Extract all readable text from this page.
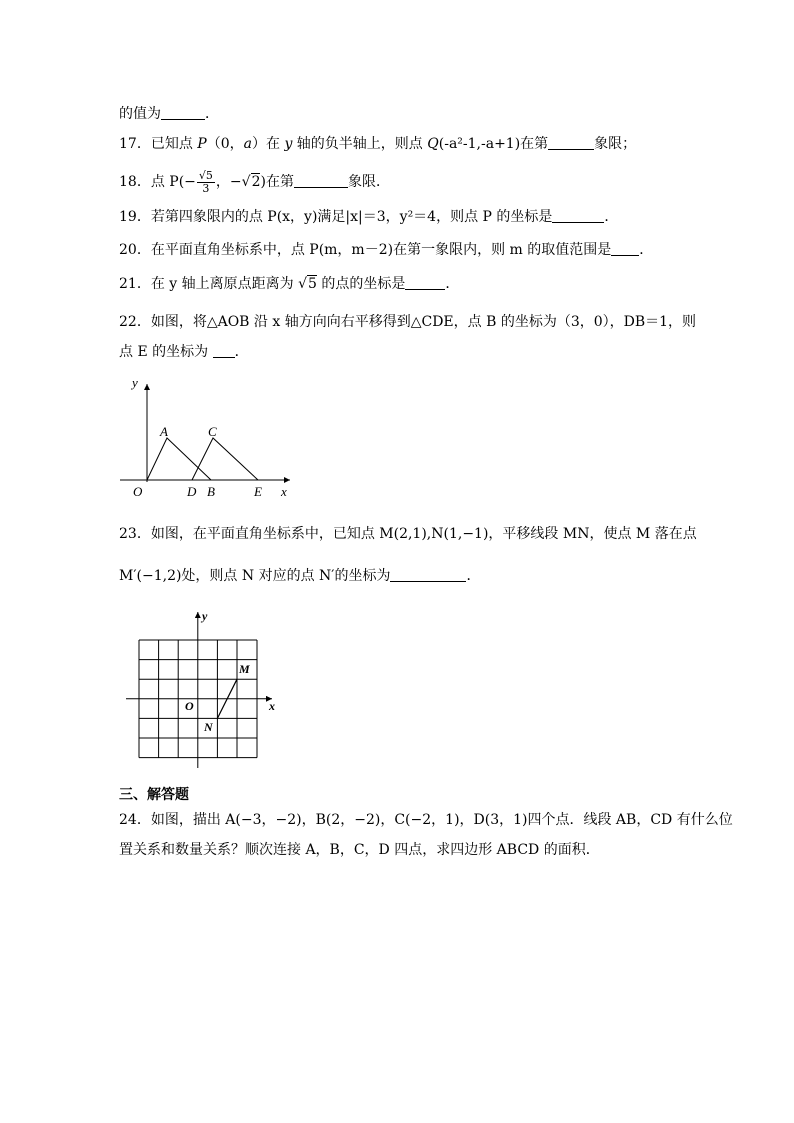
的值为	．
17．已知点 P（0，a）在 y 轴的负半轴上，则点 Q(-a²-1,-a+1)在第	象限；
18．点 $P(- \frac{√5}{3}$ ，−√2)在第	象限．
19．若第四象限内的点 P(x，y)满足|x|＝3，y²＝4，则点 P 的坐标是	．
20．在平面直角坐标系中，点 P(m，m－2)在第一象限内，则 m 的取值范围是 ．
21．在 y 轴上离原点距离为 √5 的点的坐标是	．
22．如图，将△AOB 沿 x 轴方向向右平移得到△CDE，点 B 的坐标为（3，0），DB＝1，则
点 E 的坐标为 ．
y
x
A	C
O	D B	E
23．如图，在平面直角坐标系中，已知点 M(2,1),N(1,−1)，平移线段 MN，使点 M 落在点
M′(−1,2)处，则点 N 对应的点 N′的坐标为	．
y
x
O
M
N
三、解答题
24．如图，描出 A(−3，−2)，B(2，−2)，C(−2，1)，D(3，1)四个点．线段 AB，CD 有什么位
置关系和数量关系？顺次连接 A，B，C，D 四点，求四边形 ABCD 的面积．
